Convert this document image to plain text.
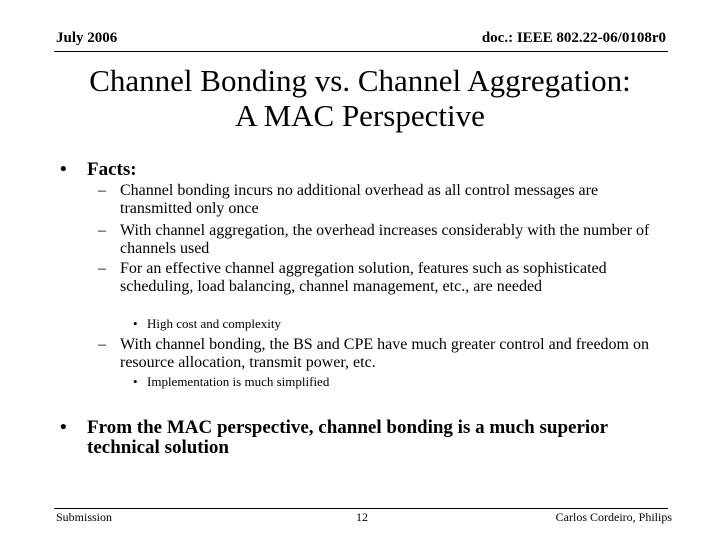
July 2006	doc.: IEEE 802.22-06/0108r0
Channel Bonding vs. Channel Aggregation:
A MAC Perspective
• Facts:
– Channel bonding incurs no additional overhead as all control messages are transmitted only once
– With channel aggregation, the overhead increases considerably with the number of channels used
– For an effective channel aggregation solution, features such as sophisticated scheduling, load balancing, channel management, etc., are needed
• High cost and complexity
– With channel bonding, the BS and CPE have much greater control and freedom on resource allocation, transmit power, etc.
• Implementation is much simplified
• From the MAC perspective, channel bonding is a much superior technical solution
Submission	12	Carlos Cordeiro, Philips
